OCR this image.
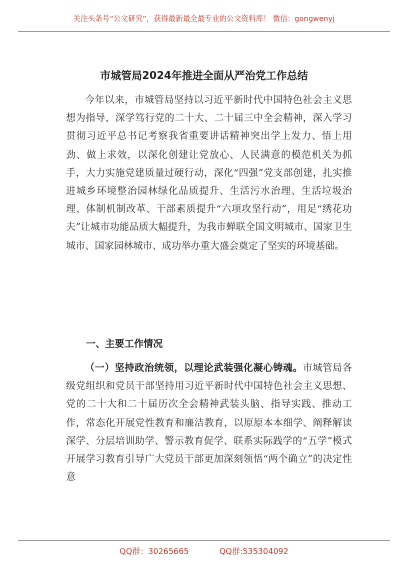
关注头条号“公文研究”，获得最新最全最专业的公文资料库！ 微信：gongwenyj
市城管局2024年推进全面从严治党工作总结
今年以来，市城管局坚持以习近平新时代中国特色社会主义思想为指导，深学笃行党的二十大、二十届三中全会精神，深入学习贯彻习近平总书记考察我省重要讲话精神突出学上发力、悟上用劲、做上求效，以深化创建让党放心、人民满意的模范机关为抓手，大力实施党建质量过硬行动，深化“四强”党支部创建，扎实推进城乡环境整治园林绿化品质提升、生活污水治理、生活垃圾治理、体制机制改革、干部素质提升“六项攻坚行动”，用足“绣花功夫”让城市功能品质大幅提升，为我市蝉联全国文明城市、国家卫生城市、国家园林城市、成功举办重大盛会奠定了坚实的环境基础。
一、主要工作情况
（一）坚持政治统领，以理论武装强化凝心铸魂。市城管局各级党组织和党员干部坚持用习近平新时代中国特色社会主义思想、党的二十大和二十届历次全会精神武装头脑、指导实践、推动工作，常态化开展党性教育和廉洁教育，以原原本本细学、阐释解读深学、分层培训助学、警示教育促学、联系实际践学的“五学”模式开展学习教育引导广大党员干部更加深刻领悟“两个确立”的决定性意
QQ群：30265665	QQ群:535304092
